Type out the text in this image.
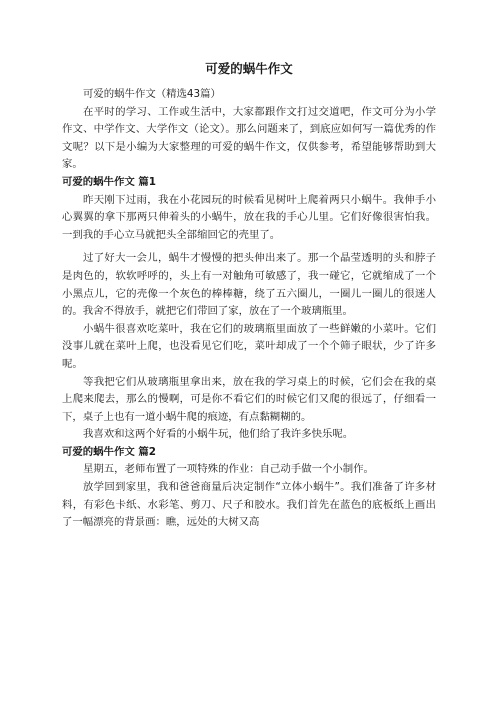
可爱的蜗牛作文

可爱的蜗牛作文（精选43篇）

在平时的学习、工作或生活中，大家都跟作文打过交道吧，作文可分为小学作文、中学作文、大学作文（论文）。那么问题来了，到底应如何写一篇优秀的作文呢？以下是小编为大家整理的可爱的蜗牛作文，仅供参考，希望能够帮助到大家。

可爱的蜗牛作文 篇1

昨天刚下过雨，我在小花园玩的时候看见树叶上爬着两只小蜗牛。我伸手小心翼翼的拿下那两只伸着头的小蜗牛，放在我的手心儿里。它们好像很害怕我。一到我的手心立马就把头全部缩回它的壳里了。

过了好大一会儿，蜗牛才慢慢的把头伸出来了。那一个晶莹透明的头和脖子是肉色的，软软呼呼的，头上有一对触角可敏感了，我一碰它，它就缩成了一个小黑点儿，它的壳像一个灰色的棒棒糖，绕了五六圈儿，一圈儿一圈儿的很迷人的。我舍不得放手，就把它们带回了家，放在了一个玻璃瓶里。

小蜗牛很喜欢吃菜叶，我在它们的玻璃瓶里面放了一些鲜嫩的小菜叶。它们没事儿就在菜叶上爬，也没看见它们吃，菜叶却成了一个个筛子眼状，少了许多呢。

等我把它们从玻璃瓶里拿出来，放在我的学习桌上的时候，它们会在我的桌上爬来爬去，那么的慢啊，可是你不看它们的时候它们又爬的很远了，仔细看一下，桌子上也有一道小蜗牛爬的痕迹，有点黏糊糊的。

我喜欢和这两个好看的小蜗牛玩，他们给了我许多快乐呢。

可爱的蜗牛作文 篇2

星期五，老师布置了一项特殊的作业：自己动手做一个小制作。

放学回到家里，我和爸爸商量后决定制作“立体小蜗牛”。我们准备了许多材料，有彩色卡纸、水彩笔、剪刀、尺子和胶水。我们首先在蓝色的底板纸上画出了一幅漂亮的背景画：瞧，远处的大树又高
